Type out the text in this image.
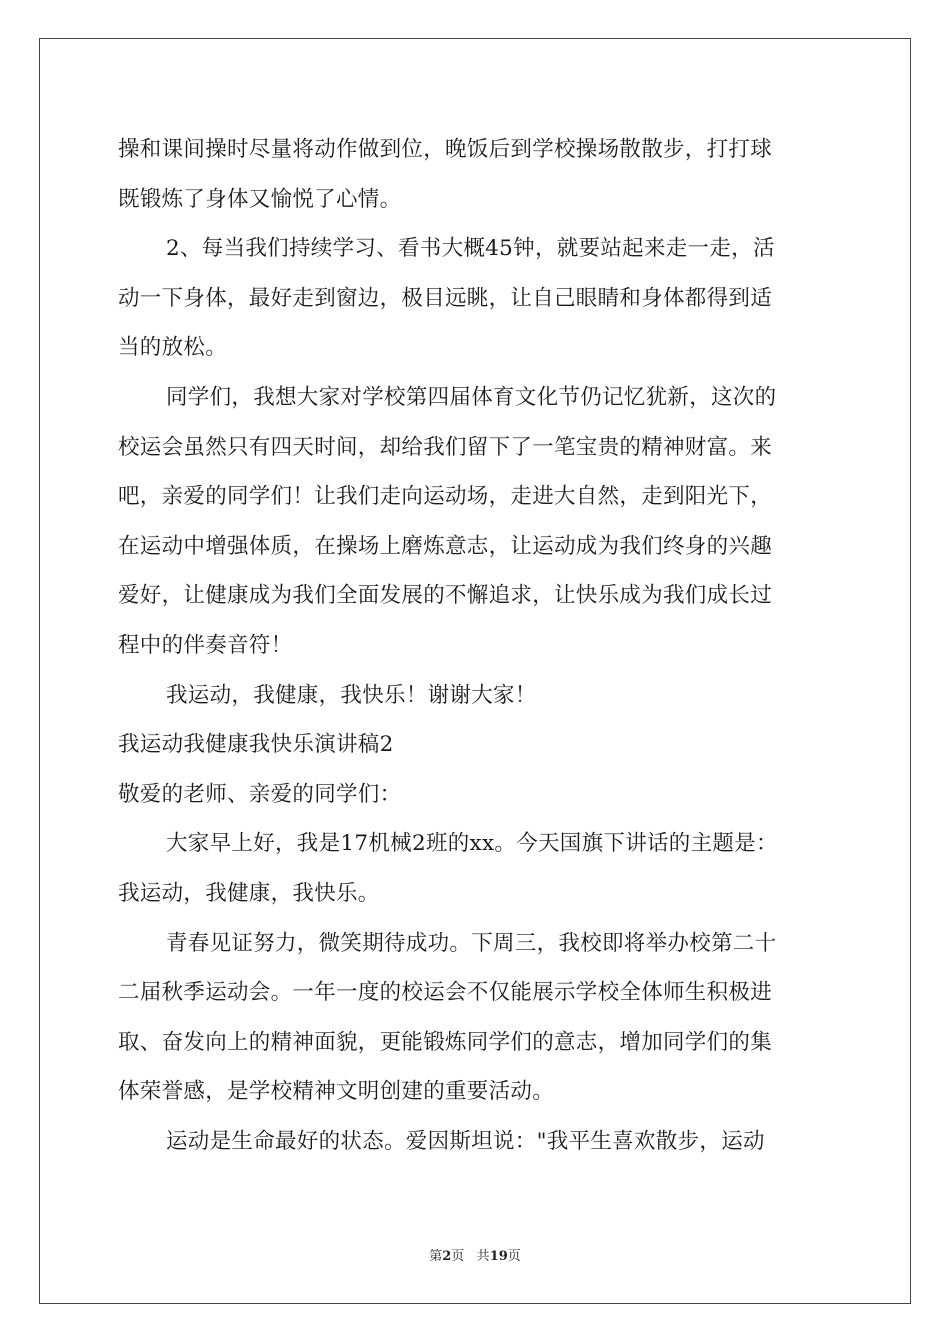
操和课间操时尽量将动作做到位，晚饭后到学校操场散散步，打打球
既锻炼了身体又愉悦了心情。
2、每当我们持续学习、看书大概45钟，就要站起来走一走，活
动一下身体，最好走到窗边，极目远眺，让自己眼睛和身体都得到适
当的放松。
同学们，我想大家对学校第四届体育文化节仍记忆犹新，这次的
校运会虽然只有四天时间，却给我们留下了一笔宝贵的精神财富。来
吧，亲爱的同学们！让我们走向运动场，走进大自然，走到阳光下，
在运动中增强体质，在操场上磨炼意志，让运动成为我们终身的兴趣
爱好，让健康成为我们全面发展的不懈追求，让快乐成为我们成长过
程中的伴奏音符！
我运动，我健康，我快乐！谢谢大家！
我运动我健康我快乐演讲稿2
敬爱的老师、亲爱的同学们：
大家早上好，我是17机械2班的xx。今天国旗下讲话的主题是：
我运动，我健康，我快乐。
青春见证努力，微笑期待成功。下周三，我校即将举办校第二十
二届秋季运动会。一年一度的校运会不仅能展示学校全体师生积极进
取、奋发向上的精神面貌，更能锻炼同学们的意志，增加同学们的集
体荣誉感，是学校精神文明创建的重要活动。
运动是生命最好的状态。爱因斯坦说："我平生喜欢散步，运动
第2页 共19页
